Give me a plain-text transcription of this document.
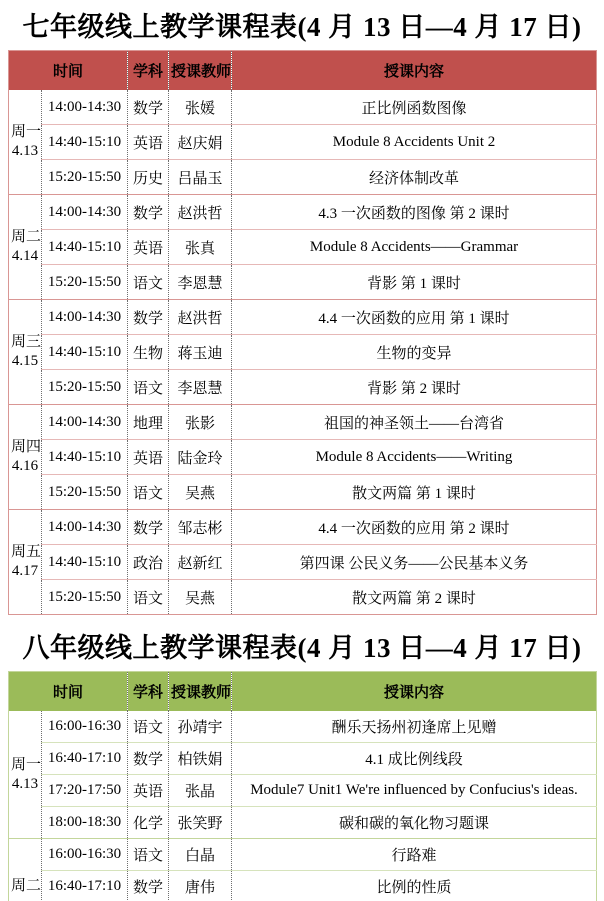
七年级线上教学课程表(4 月 13 日—4 月 17 日)
时间		学科	授课教师	授课内容

周一
4.13	14:00-14:30	数学	张媛	正比例函数图像
	14:40-15:10	英语	赵庆娟	Module 8 Accidents Unit 2
	15:20-15:50	历史	吕晶玉	经济体制改革

周二
4.14	14:00-14:30	数学	赵洪哲	4.3 一次函数的图像 第 2 课时
	14:40-15:10	英语	张真	Module 8 Accidents——Grammar
	15:20-15:50	语文	李恩慧	背影 第 1 课时

周三
4.15	14:00-14:30	数学	赵洪哲	4.4 一次函数的应用 第 1 课时
	14:40-15:10	生物	蒋玉迪	生物的变异
	15:20-15:50	语文	李恩慧	背影 第 2 课时

周四
4.16	14:00-14:30	地理	张影	祖国的神圣领土——台湾省
	14:40-15:10	英语	陆金玲	Module 8 Accidents——Writing
	15:20-15:50	语文	吴燕	散文两篇 第 1 课时

周五
4.17	14:00-14:30	数学	邹志彬	4.4 一次函数的应用 第 2 课时
	14:40-15:10	政治	赵新红	第四课 公民义务——公民基本义务
	15:20-15:50	语文	吴燕	散文两篇 第 2 课时
八年级线上教学课程表(4 月 13 日—4 月 17 日)
时间		学科	授课教师	授课内容

周一
4.13	16:00-16:30	语文	孙靖宇	酬乐天扬州初逢席上见赠
	16:40-17:10	数学	柏铁娟	4.1 成比例线段
	17:20-17:50	英语	张晶	Module7 Unit1 We're influenced by Confucius's ideas.
	18:00-18:30	化学	张笑野	碳和碳的氧化物习题课

周二	16:00-16:30	语文	白晶	行路难
	16:40-17:10	数学	唐伟	比例的性质
